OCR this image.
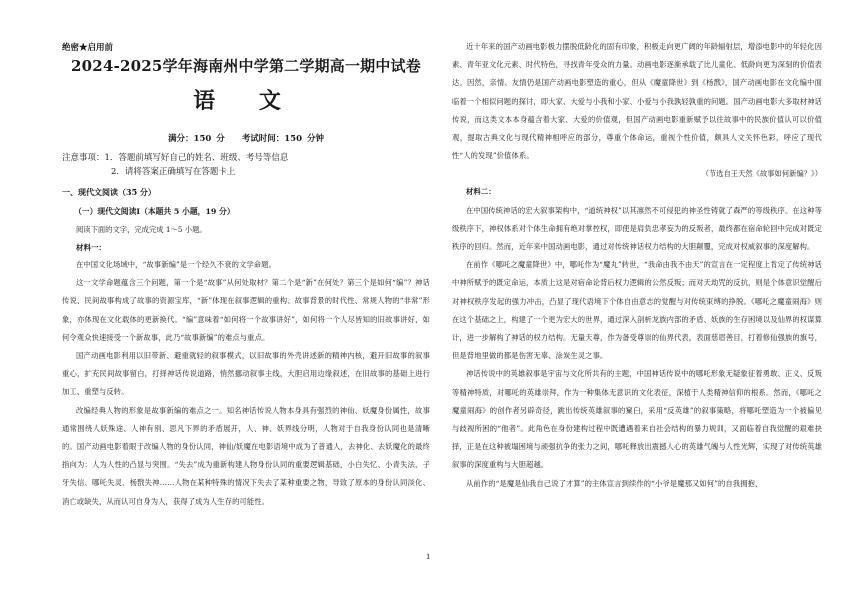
绝密★启用前
2024-2025学年海南州中学第二学期高一期中试卷
语 文
满分：150 分　　考试时间：150 分钟
注意事项：1．答题前填写好自己的姓名、班级、考号等信息
2．请将答案正确填写在答题卡上
一、现代文阅读（35 分）
（一）现代文阅读Ⅰ（本题共 5 小题，19 分）
阅读下面的文字，完成完成 1～5 小题。
材料一：

在中国文化场域中，“故事新编”是一个经久不衰的文学命题。

这一文学命题蕴含三个问题，第一个是“故事”从何处取材？第二个是“新”在何处？第三个是如何“编”？神话传说、民间故事构成了故事的资源宝库，“新”体现在叙事逻辑的重构、故事背景的时代性、常规人物的“非常”形象，亦体现在文化载体的更新换代。“编”意味着“如何将一个故事讲好”，如何将一个人尽皆知的旧故事讲好，如何令观众快速接受一个新故事，此乃“故事新编”的难点与重点。

国产动画电影利用以旧带新、避重就轻的叙事模式，以旧故事的外壳讲述新的精神内核，避开旧故事的叙事重心，扩充民间故事留白，打择神话传说道路，悄然挪动叙事主线，大胆启用边缘叙述，在旧故事的基础上进行加工、重塑与反转。

改编经典人物的形象是故事新编的难点之一。知名神话传说人物本身具有强烈的神仙、妖魔身份属性，故事通常围绕人妖殊途、人神有别、思凡下界的矛盾展开，人、神、妖界线分明，人物对于自我身份认同也是清晰的。国产动画电影着眼于改编人物的身份认同，神仙/妖魔在电影语境中成为了普通人，去神化、去妖魔化的最终指向为：人为人性的凸显与突围。“失去”成为重新构建人物身份认同的重要逻辑基础，小白失忆、小青失法、子牙失信、哪吒失灵、杨戬失神……人物在某种特殊的情况下失去了某种重要之物，导致了原本的身份认同淡化、消亡或缺失，从而认可自身为人，获得了成为人生存的可能性。

近十年来的国产动画电影极力摆脱低龄化的固有印象，积极走向更广阔的年龄辐射层，增添电影中的年轻化因素、青年亚文化元素、时代特色，寻找青年受众的力量。动画电影逐渐承载了比儿童化、低龄向更为深刻的价值表达。因然，亲情、友情仍是国产动画电影塑造的重心，但从《魔童降世》到《杨戬》，国产动画电影在文化编中面临着一个相似问题的探讨，即大家、大爱与小我和小家、小爱与小我孰轻孰重的问题。国产动画电影大多取材神话传说，而这类文本本身蕴含着大家、大爱的价值观，但国产动画电影重新赋予以往故事中的民族价值认可以价值观，提取古典文化与现代精神相呼应的部分，尊重个体命运，重视个性价值，颇具人文关怀色彩，呼应了现代性“人的发现”价值体系。

（节选自王天然《故事如何新编？》）

材料二：

在中国传统神话的宏大叙事架构中，“道统神权”以其凛然不可侵犯的神圣性铸就了森严的等级秩序。在这种等级秩序下，神权体系对个体生命拥有绝对掌控权，即使是肩负忠孝妄为的反叛者，最终都在宿命轮回中完成对既定秩序的回归。然而，近年来中国动画电影，通过对传统神话权力结构的大胆颠覆，完成对权威叙事的深度解构。

在前作《哪吒之魔童降世》中，哪吒作为“魔丸”转世，“我命由我不由天”的宣言在一定程度上肯定了传统神话中神所赋予的既定命运，本质上这是对宿命论背后权力逻辑的公然反叛；而对天劫咒的反抗，则是个体意识觉醒后对神权秩序发起的强力冲击，凸显了现代语境下个体自由意志的觉醒与对传统束缚的挣脱。《哪吒之魔童闹海》则在这个基础之上，构建了一个更为宏大的世界，通过深入剖析龙族内部的矛盾、妖族的生存困境以及仙界的权谋算计，进一步解构了神话的权力结构。无量天尊，作为备受尊崇的仙界代表，表面慈眉善目，打着修仙强族的旗号，但是背地里做的都是伤害无辜、涂炭生灵之事。

神话传说中的英雄叙事是宇宙与文化所共有的主题，中国神话传说中的哪吒形象无疑象征着勇敢、正义、反叛等精神特质，对哪吒的英雄崇拜，作为一种集体无意识的文化表征，深植于人类精神信仰的根系。然而，《哪吒之魔童闹海》的创作者另辟奇径，跳出传统英雄叙事的窠臼，采用“反英雄”的叙事策略，将哪吒塑造为一个被偏见与歧视所困的“他者”。此角色在身份建构过程中既遭遇着来自社会结构的暴力规训，又面临着自我觉醒的艰难抉择，正是在这种被塌困境与顽强抗争的张力之间，哪吒释放出震撼人心的英雄气魄与人性光辉，实现了对传统英雄叙事的深度重构与大胆超越。

从前作的“是魔是仙我自己说了才算”的主体宣言到续作的“小爷是魔那又如何”的自我拥抱，

1
